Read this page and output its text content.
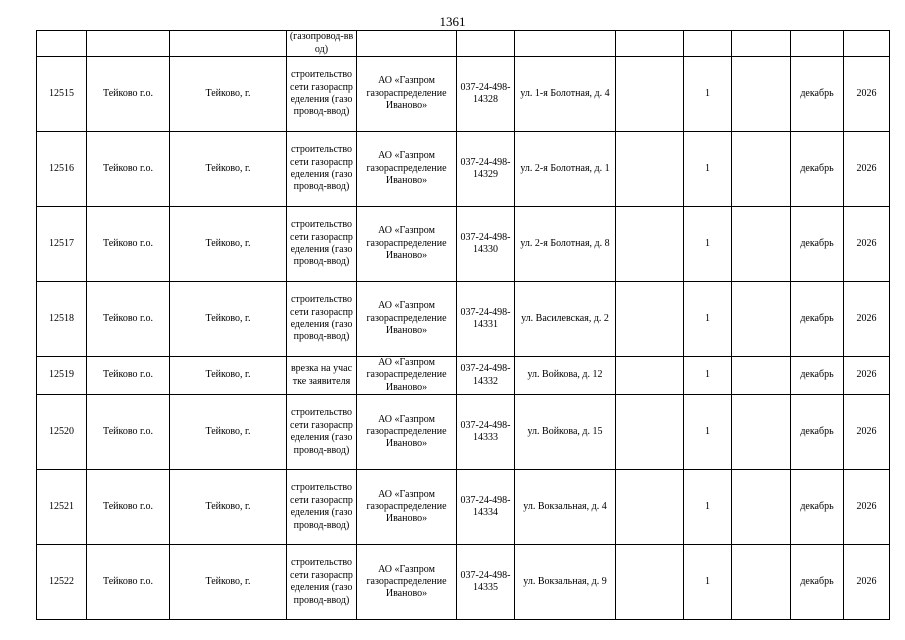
1361
			(газопровод-ввод)								
12515	Тейково г.о.	Тейково, г.	строительство сети газораспределения (газопровод-ввод)	АО «Газпром газораспределение Иваново»	037-24-498-14328	ул. 1-я Болотная, д. 4		1		декабрь	2026
12516	Тейково г.о.	Тейково, г.	строительство сети газораспределения (газопровод-ввод)	АО «Газпром газораспределение Иваново»	037-24-498-14329	ул. 2-я Болотная, д. 1		1		декабрь	2026
12517	Тейково г.о.	Тейково, г.	строительство сети газораспределения (газопровод-ввод)	АО «Газпром газораспределение Иваново»	037-24-498-14330	ул. 2-я Болотная, д. 8		1		декабрь	2026
12518	Тейково г.о.	Тейково, г.	строительство сети газораспределения (газопровод-ввод)	АО «Газпром газораспределение Иваново»	037-24-498-14331	ул. Василевская, д. 2		1		декабрь	2026
12519	Тейково г.о.	Тейково, г.	врезка на участке заявителя	АО «Газпром газораспределение Иваново»	037-24-498-14332	ул. Войкова, д. 12		1		декабрь	2026
12520	Тейково г.о.	Тейково, г.	строительство сети газораспределения (газопровод-ввод)	АО «Газпром газораспределение Иваново»	037-24-498-14333	ул. Войкова, д. 15		1		декабрь	2026
12521	Тейково г.о.	Тейково, г.	строительство сети газораспределения (газопровод-ввод)	АО «Газпром газораспределение Иваново»	037-24-498-14334	ул. Вокзальная, д. 4		1		декабрь	2026
12522	Тейково г.о.	Тейково, г.	строительство сети газораспределения (газопровод-ввод)	АО «Газпром газораспределение Иваново»	037-24-498-14335	ул. Вокзальная, д. 9		1		декабрь	2026
